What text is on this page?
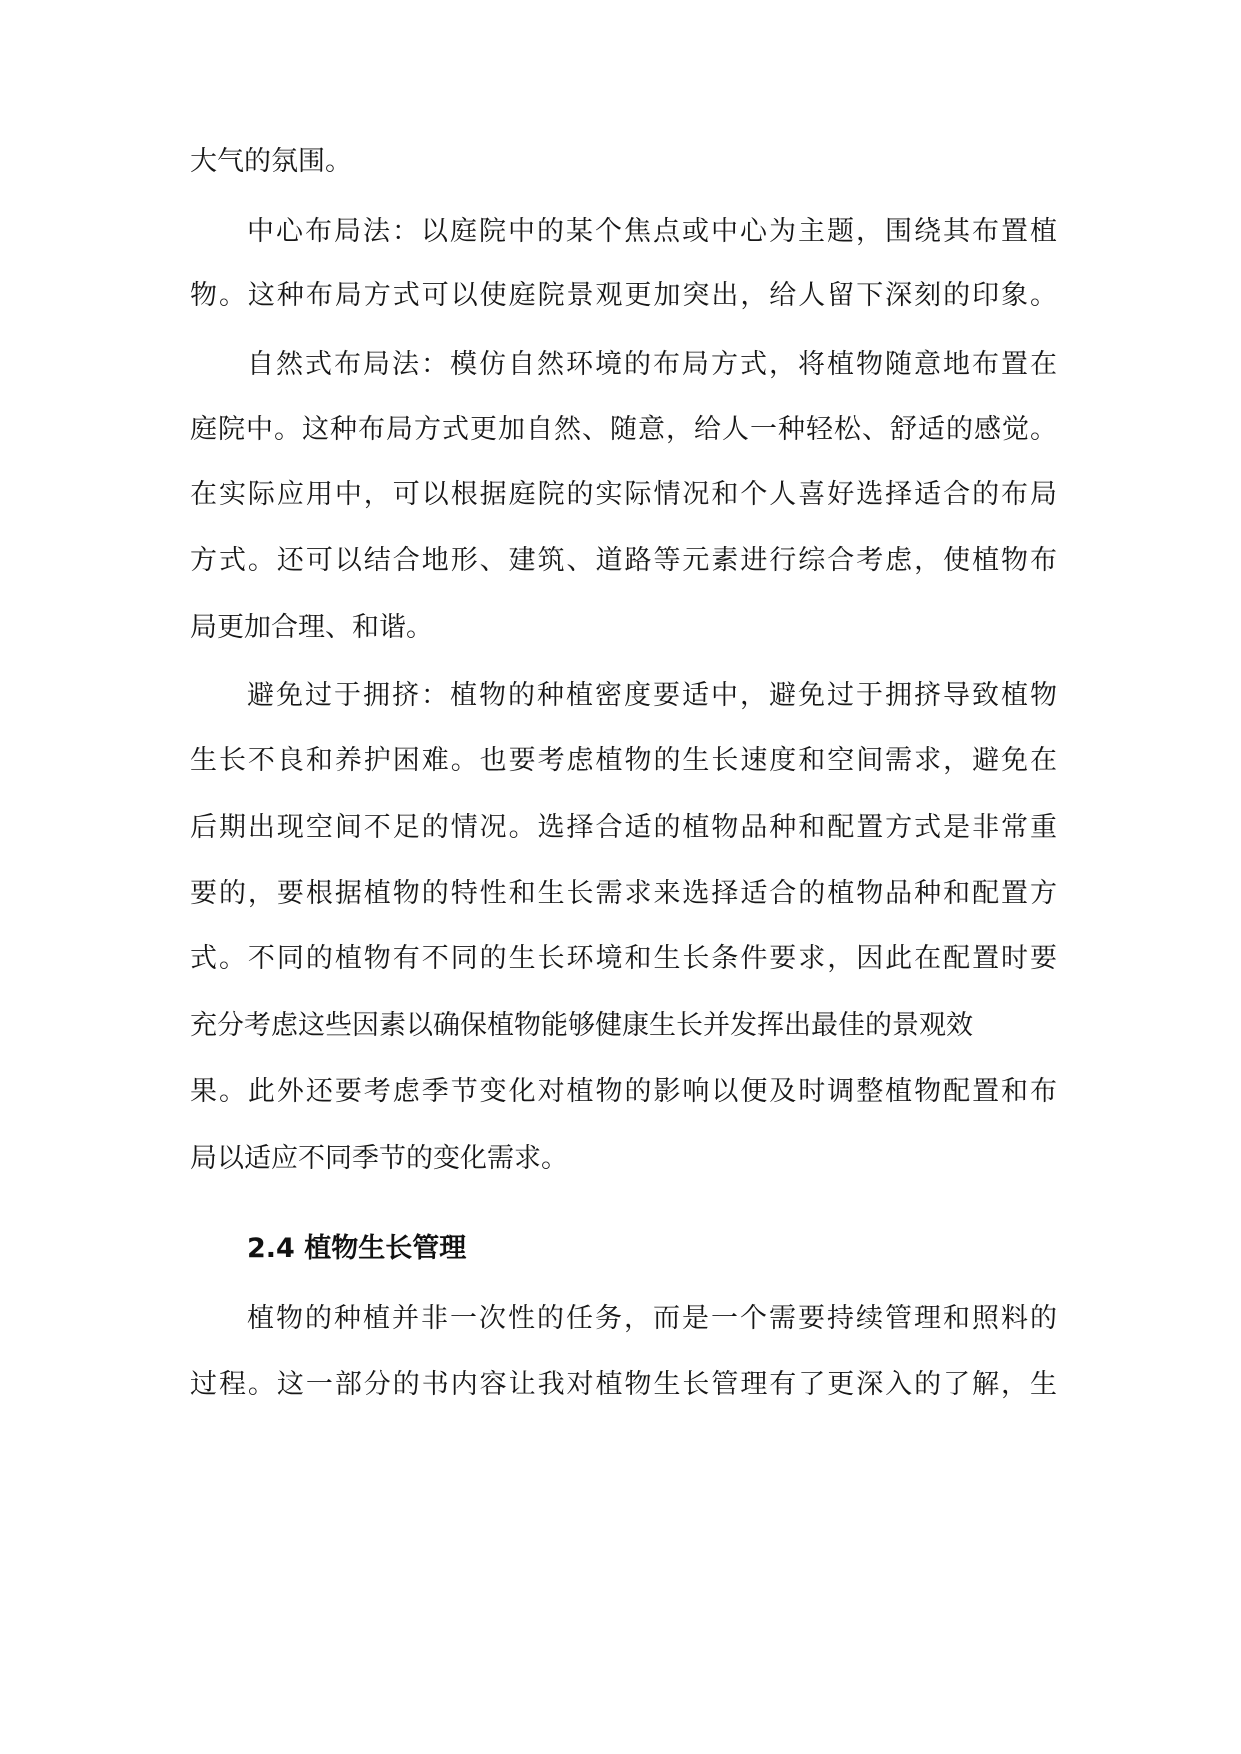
大气的氛围。
中心布局法：以庭院中的某个焦点或中心为主题，围绕其布置植
物。这种布局方式可以使庭院景观更加突出，给人留下深刻的印象。
自然式布局法：模仿自然环境的布局方式，将植物随意地布置在
庭院中。这种布局方式更加自然、随意，给人一种轻松、舒适的感觉。
在实际应用中，可以根据庭院的实际情况和个人喜好选择适合的布局
方式。还可以结合地形、建筑、道路等元素进行综合考虑，使植物布
局更加合理、和谐。
避免过于拥挤：植物的种植密度要适中，避免过于拥挤导致植物
生长不良和养护困难。也要考虑植物的生长速度和空间需求，避免在
后期出现空间不足的情况。选择合适的植物品种和配置方式是非常重
要的，要根据植物的特性和生长需求来选择适合的植物品种和配置方
式。不同的植物有不同的生长环境和生长条件要求，因此在配置时要
充分考虑这些因素以确保植物能够健康生长并发挥出最佳的景观效
果。此外还要考虑季节变化对植物的影响以便及时调整植物配置和布
局以适应不同季节的变化需求。
2.4 植物生长管理
植物的种植并非一次性的任务，而是一个需要持续管理和照料的
过程。这一部分的书内容让我对植物生长管理有了更深入的了解，生
